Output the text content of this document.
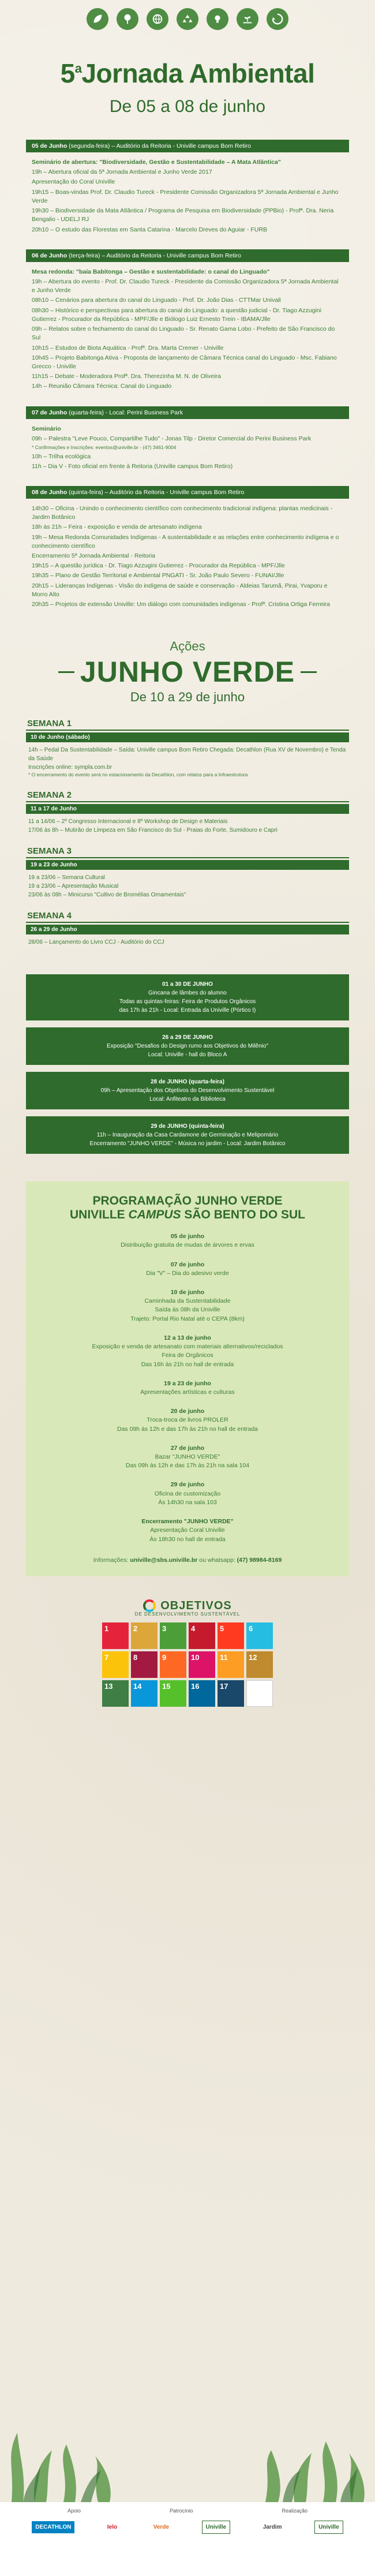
5$^a$Jornada Ambiental
De 05 a 08 de junho
05 de Junho (segunda-feira) – Auditório da Reitoria - Univille campus Bom Retiro

Seminário de abertura: "Biodiversidade, Gestão e Sustentabilidade – A Mata Atlântica"

19h – Abertura oficial da 5ª Jornada Ambiental e Junho Verde 2017

Apresentação do Coral Univille

19h15 – Boas-vindas Prof. Dr. Claudio Tureck - Presidente Comissão Organizadora 5ª Jornada Ambiental e Junho Verde

19h30 – Biodiversidade da Mata Atlântica / Programa de Pesquisa em Biodiversidade (PPBio) - Profª. Dra. Neria Bengalio - UDELJ RJ

20h10 – O estudo das Florestas em Santa Catarina - Marcelo Dreves do Aguiar - FURB

06 de Junho (terça-feira) – Auditório da Reitoria - Univille campus Bom Retiro

Mesa redonda: "baía Babitonga – Gestão e sustentabilidade: o canal do Linguado"

19h – Abertura do evento - Prof. Dr. Claudio Tureck - Presidente da Comissão Organizadora 5ª Jornada Ambiental e Junho Verde

08h10 – Cenários para abertura do canal do Linguado - Prof. Dr. João Dias - CTTMar Univali

08h30 – Histórico e perspectivas para abertura do canal do Linguado: a questão judicial - Dr. Tiago Azzugini Gutierrez - Procurador da República - MPF/Jlle e Biólogo Luiz Ernesto Trein - IBAMA/Jlle

09h – Relatos sobre o fechamento do canal do Linguado - Sr. Renato Gama Lobo - Prefeito de São Francisco do Sul

10h15 – Estudos de Biota Aquática - Profª. Dra. Marta Cremer - Univille

10h45 – Projeto Babitonga Ativa - Proposta de lançamento de Câmara Técnica canal do Linguado - Msc. Fabiano Grecco - Univille

11h15 – Debate - Moderadora Profª. Dra. Therezinha M. N. de Oliveira

14h – Reunião Câmara Técnica: Canal do Linguado

07 de Junho (quarta-feira) - Local: Perini Business Park

Seminário

09h – Palestra "Leve Pouco, Compartilhe Tudo" - Jonas Tilp - Diretor Comercial do Perini Business Park

* Confirmações e Inscrições: eventos@univille.br - (47) 3461-9004

10h – Trilha ecológica

11h – Dia V - Foto oficial em frente à Reitoria (Univille campus Bom Retiro)

08 de Junho (quinta-feira) – Auditório da Reitoria - Univille campus Bom Retiro

14h30 – Oficina - Unindo o conhecimento científico com conhecimento tradicional indígena: plantas medicinais - Jardim Botânico

18h às 21h – Feira - exposição e venda de artesanato indígena

19h – Mesa Redonda Comunidades Indígenas - A sustentabilidade e as relações entre conhecimento indígena e o conhecimento científico

Encerramento 5ª Jornada Ambiental - Reitoria

19h15 – A questão jurídica - Dr. Tiago Azzugini Gutierrez - Procurador da República - MPF/Jlle

19h35 – Plano de Gestão Territorial e Ambiental PNGATI - Sr. João Paulo Severo - FUNAI/Jlle

20h15 – Lideranças Indígenas - Visão do indígena de saúde e conservação - Aldeias Tarumã, Pirai, Yvaporu e Morro Alto

20h35 – Projetos de extensão Univille: Um diálogo com comunidades indígenas - Profª. Cristina Ortiga Ferreira

Ações
JUNHO VERDE
De 10 a 29 de junho
SEMANA 1
10 de Junho (sábado)

14h – Pedal Da Sustentabilidade – Saída: Univille campus Bom Retiro Chegada: Decathlon (Rua XV de Novembro) e Tenda da Saúde

Inscrições online: sympla.com.br

* O encerramento do evento será no estacionamento da Decathlon, com relatos para a Infraestrutura

SEMANA 2
11 a 17 de Junho

11 a 14/06 – 2º Congresso Internacional e 8º Workshop de Design e Materiais

17/06 às 8h – Mutirão de Limpeza em São Francisco do Sul - Praias do Forte, Sumidouro e Capri

SEMANA 3
19 a 23 de Junho

19 a 23/06 – Semana Cultural

19 a 23/06 – Apresentação Musical

23/06 às 08h – Minicurso "Cultivo de Bromélias Ornamentais"

SEMANA 4
26 a 29 de Junho

28/06 – Lançamento do Livro CCJ - Auditório do CCJ

01 a 30 DE JUNHO

Gincana de lâmbes do alumno

Todas as quintas-feiras: Feira de Produtos Orgânicos

das 17h às 21h - Local: Entrada da Univille (Pórtico I)

26 a 29 DE JUNHO

Exposição "Desafios do Design rumo aos Objetivos do Milênio"

Local: Univille - hall do Bloco A

28 de JUNHO (quarta-feira)

09h – Apresentação dos Objetivos do Desenvolvimento Sustentável

Local: Anfiteatro da Biblioteca

29 de JUNHO (quinta-feira)

11h – Inauguração da Casa Cardamone de Germinação e Melipomário

Encerramento "JUNHO VERDE" - Música no jardim - Local: Jardim Botânico

PROGRAMAÇÃO JUNHO VERDE
UNIVILLE CAMPUS SÃO BENTO DO SUL
05 de junho
Distribuição gratuita de mudas de árvores e ervas
07 de junho
Dia "V" – Dia do adesivo verde
10 de junho
Caminhada da Sustentabilidade
Saída às 08h da Univille
Trajeto: Portal Rio Natal até o CEPA (8km)
12 a 13 de junho
Exposição e venda de artesanato com materiais alternativos/reciclados
Feira de Orgânicos
Das 16h às 21h no hall de entrada
19 a 23 de junho
Apresentações artísticas e culturas
20 de junho
Troca-troca de livros PROLER
Das 09h às 12h e das 17h às 21h no hall de entrada
27 de junho
Bazar "JUNHO VERDE"
Das 09h às 12h e das 17h às 21h na sala 104
29 de junho
Oficina de customização
Às 14h30 na sala 103
Encerramento "JUNHO VERDE"
Apresentação Coral Univille
Às 18h30 no hall de entrada
Informações: univille@sbs.univille.br ou whatsapp: (47) 98984-8169
OBJETIVOS
DE DESENVOLVIMENTO SUSTENTÁVEL
1	2	3	4	5	6
7	8	9	10	11	12
13	14	15	16	17
Apoio	Patrocínio	Realização
DECATHLON	Ielo	Verde	Univille	Jardim	Univille
